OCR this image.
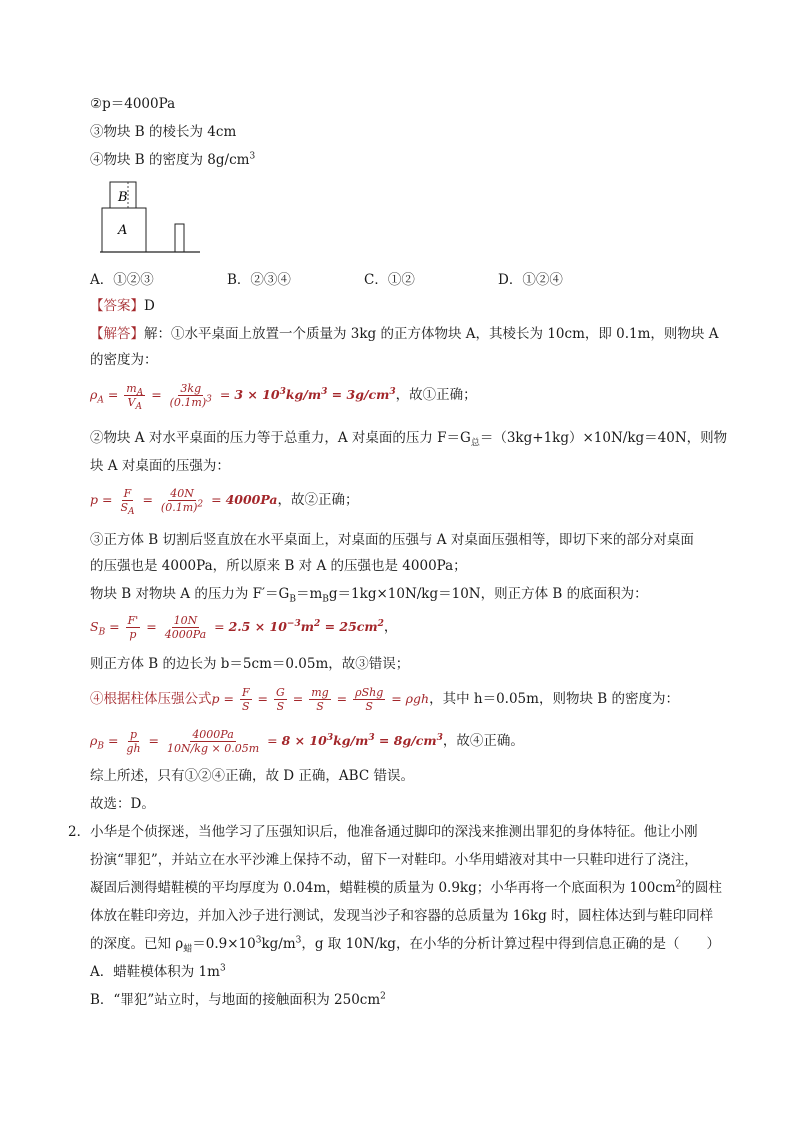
②p＝4000Pa
③物块 B 的棱长为 4cm
④物块 B 的密度为 $8g/cm^3$
B
A
A．①②③	B．②③④	C．①②	D．①②④
【答案】D
【解答】解：①水平桌面上放置一个质量为 3kg 的正方体物块 A，其棱长为 10cm，即 0.1m，则物块 A
的密度为：
$\rho_A = \frac{m_A}{V_A} = \frac{3kg}{(0.1m)^3} = 3 \times 10^3kg/m^3 = 3g/cm^3$，故①正确；
②物块 A 对水平桌面的压力等于总重力，A 对桌面的压力 $F=G_总=(3kg+1kg)\times 10N/kg=40N$，则物
块 A 对桌面的压强为：
$p = \frac{F}{S_A} = \frac{40N}{(0.1m)^2} = 4000Pa$，故②正确；
③正方体 B 切割后竖直放在水平桌面上，对桌面的压强与 A 对桌面压强相等，即切下来的部分对桌面
的压强也是 4000Pa，所以原来 B 对 A 的压强也是 4000Pa；
物块 B 对物块 A 的压力为 $F'=G_B=m_Bg=1kg\times 10N/kg=10N$，则正方体 B 的底面积为：
$S_B = \frac{F'}{p} = \frac{10N}{4000Pa} = 2.5 \times 10^{-3}m^2 = 25cm^2$，
则正方体 B 的边长为 b＝5cm＝0.05m，故③错误；
④根据柱体压强公式$p = \frac{F}{S} = \frac{G}{S} = \frac{mg}{S} = \frac{\text{ρShg}}{S} = \rho gh$，其中 h＝0.05m，则物块 B 的密度为：
$\rho_B = \frac{p}{gh} = \frac{4000Pa}{10N/kg \times 0.05m} = 8 \times 10^3kg/m^3 = 8g/cm^3$，故④正确。
综上所述，只有①②④正确，故 D 正确，ABC 错误。
故选：D。
2．小华是个侦探迷，当他学习了压强知识后，他准备通过脚印的深浅来推测出罪犯的身体特征。他让小刚
扮演“罪犯”，并站立在水平沙滩上保持不动，留下一对鞋印。小华用蜡液对其中一只鞋印进行了浇注，
凝固后测得蜡鞋模的平均厚度为 0.04m，蜡鞋模的质量为 0.9kg；小华再将一个底面积为 $100cm^2$的圆柱
体放在鞋印旁边，并加入沙子进行测试，发现当沙子和容器的总质量为 16kg 时，圆柱体达到与鞋印同样
的深度。已知 $\rho_蜡=0.9\times 10^3kg/m^3$，g 取 10N/kg，在小华的分析计算过程中得到信息正确的是（　　）
A．蜡鞋模体积为 $1m^3$
B．“罪犯”站立时，与地面的接触面积为 $250cm^2$
